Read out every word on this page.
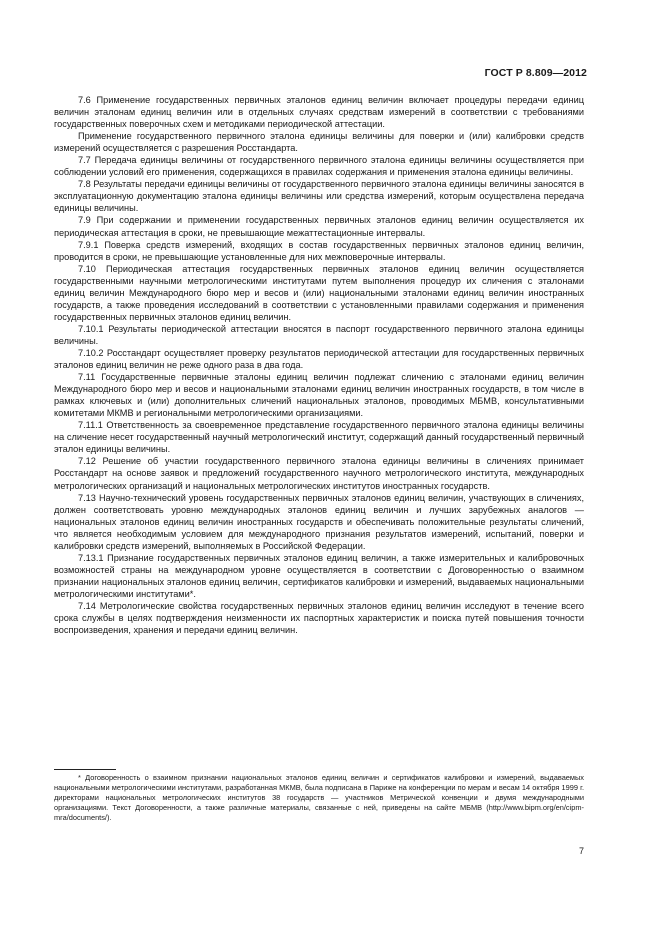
ГОСТ Р 8.809—2012

7.6 Применение государственных первичных эталонов единиц величин включает процедуры передачи единиц величин эталонам единиц величин или в отдельных случаях средствам измерений в соответствии с требованиями государственных поверочных схем и методиками периодической аттестации.

Применение государственного первичного эталона единицы величины для поверки и (или) калибровки средств измерений осуществляется с разрешения Росстандарта.

7.7 Передача единицы величины от государственного первичного эталона единицы величины осуществляется при соблюдении условий его применения, содержащихся в правилах содержания и применения эталона единицы величины.

7.8 Результаты передачи единицы величины от государственного первичного эталона единицы величины заносятся в эксплуатационную документацию эталона единицы величины или средства измерений, которым осуществлена передача единицы величины.

7.9 При содержании и применении государственных первичных эталонов единиц величин осуществляется их периодическая аттестация в сроки, не превышающие межаттестационные интервалы.

7.9.1 Поверка средств измерений, входящих в состав государственных первичных эталонов единиц величин, проводится в сроки, не превышающие установленные для них межповерочные интервалы.

7.10 Периодическая аттестация государственных первичных эталонов единиц величин осуществляется государственными научными метрологическими институтами путем выполнения процедур их сличения с эталонами единиц величин Международного бюро мер и весов и (или) национальными эталонами единиц величин иностранных государств, а также проведения исследований в соответствии с установленными правилами содержания и применения государственных первичных эталонов единиц величин.

7.10.1 Результаты периодической аттестации вносятся в паспорт государственного первичного эталона единицы величины.

7.10.2 Росстандарт осуществляет проверку результатов периодической аттестации для государственных первичных эталонов единиц величин не реже одного раза в два года.

7.11 Государственные первичные эталоны единиц величин подлежат сличению с эталонами единиц величин Международного бюро мер и весов и национальными эталонами единиц величин иностранных государств, в том числе в рамках ключевых и (или) дополнительных сличений национальных эталонов, проводимых МБМВ, консультативными комитетами МКМВ и региональными метрологическими организациями.

7.11.1 Ответственность за своевременное представление государственного первичного эталона единицы величины на сличение несет государственный научный метрологический институт, содержащий данный государственный первичный эталон единицы величины.

7.12 Решение об участии государственного первичного эталона единицы величины в сличениях принимает Росстандарт на основе заявок и предложений государственного научного метрологического института, международных метрологических организаций и национальных метрологических институтов иностранных государств.

7.13 Научно-технический уровень государственных первичных эталонов единиц величин, участвующих в сличениях, должен соответствовать уровню международных эталонов единиц величин и лучших зарубежных аналогов — национальных эталонов единиц величин иностранных государств и обеспечивать положительные результаты сличений, что является необходимым условием для международного признания результатов измерений, испытаний, поверки и калибровки средств измерений, выполняемых в Российской Федерации.

7.13.1 Признание государственных первичных эталонов единиц величин, а также измерительных и калибровочных возможностей страны на международном уровне осуществляется в соответствии с Договоренностью о взаимном признании национальных эталонов единиц величин, сертификатов калибровки и измерений, выдаваемых национальными метрологическими институтами*.

7.14 Метрологические свойства государственных первичных эталонов единиц величин исследуют в течение всего срока службы в целях подтверждения неизменности их паспортных характеристик и поиска путей повышения точности воспроизведения, хранения и передачи единиц величин.

* Договоренность о взаимном признании национальных эталонов единиц величин и сертификатов калибровки и измерений, выдаваемых национальными метрологическими институтами, разработанная МКМВ, была подписана в Париже на конференции по мерам и весам 14 октября 1999 г. директорами национальных метрологических институтов 38 государств — участников Метрической конвенции и двумя международными организациями. Текст Договоренности, а также различные материалы, связанные с ней, приведены на сайте МБМВ (http://www.bipm.org/en/cipm-mra/documents/).

7
